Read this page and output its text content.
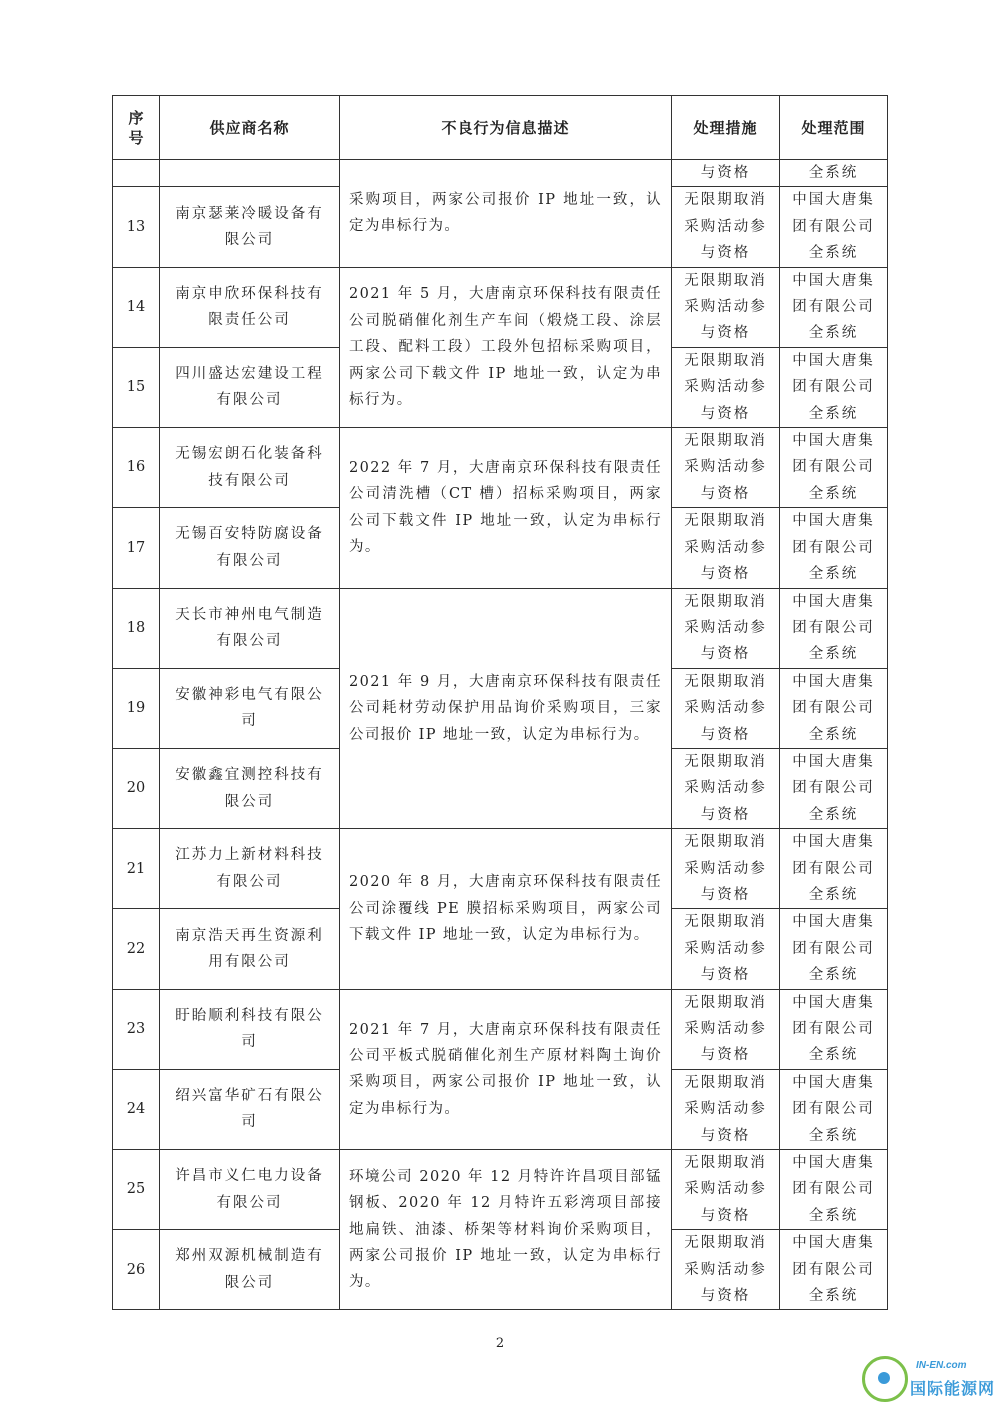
序号	供应商名称	不良行为信息描述	处理措施	处理范围

		采购项目，两家公司报价 IP 地址一致，认定为串标行为。	与资格	全系统

13	南京瑟莱冷暖设备有限公司		无限期取消采购活动参与资格	中国大唐集团有限公司全系统

14	南京申欣环保科技有限责任公司	2021 年 5 月，大唐南京环保科技有限责任公司脱硝催化剂生产车间（煅烧工段、涂层工段、配料工段）工段外包招标采购项目，两家公司下载文件 IP 地址一致，认定为串标行为。	无限期取消采购活动参与资格	中国大唐集团有限公司全系统

15	四川盛达宏建设工程有限公司		无限期取消采购活动参与资格	中国大唐集团有限公司全系统

16	无锡宏朗石化装备科技有限公司	2022 年 7 月，大唐南京环保科技有限责任公司清洗槽（CT 槽）招标采购项目，两家公司下载文件 IP 地址一致，认定为串标行为。	无限期取消采购活动参与资格	中国大唐集团有限公司全系统

17	无锡百安特防腐设备有限公司		无限期取消采购活动参与资格	中国大唐集团有限公司全系统

18	天长市神州电气制造有限公司	2021 年 9 月，大唐南京环保科技有限责任公司耗材劳动保护用品询价采购项目，三家公司报价 IP 地址一致，认定为串标行为。	无限期取消采购活动参与资格	中国大唐集团有限公司全系统

19	安徽神彩电气有限公司		无限期取消采购活动参与资格	中国大唐集团有限公司全系统

20	安徽鑫宜测控科技有限公司		无限期取消采购活动参与资格	中国大唐集团有限公司全系统

21	江苏力上新材料科技有限公司	2020 年 8 月，大唐南京环保科技有限责任公司涂覆线 PE 膜招标采购项目，两家公司下载文件 IP 地址一致，认定为串标行为。	无限期取消采购活动参与资格	中国大唐集团有限公司全系统

22	南京浩天再生资源利用有限公司		无限期取消采购活动参与资格	中国大唐集团有限公司全系统

23	盱眙顺利科技有限公司	2021 年 7 月，大唐南京环保科技有限责任公司平板式脱硝催化剂生产原材料陶土询价采购项目，两家公司报价 IP 地址一致，认定为串标行为。	无限期取消采购活动参与资格	中国大唐集团有限公司全系统

24	绍兴富华矿石有限公司		无限期取消采购活动参与资格	中国大唐集团有限公司全系统

25	许昌市义仁电力设备有限公司	环境公司 2020 年 12 月特许许昌项目部锰钢板、2020 年 12 月特许五彩湾项目部接地扁铁、油漆、桥架等材料询价采购项目，两家公司报价 IP 地址一致，认定为串标行为。	无限期取消采购活动参与资格	中国大唐集团有限公司全系统

26	郑州双源机械制造有限公司		无限期取消采购活动参与资格	中国大唐集团有限公司全系统
2
IN-EN.com
国际能源网
